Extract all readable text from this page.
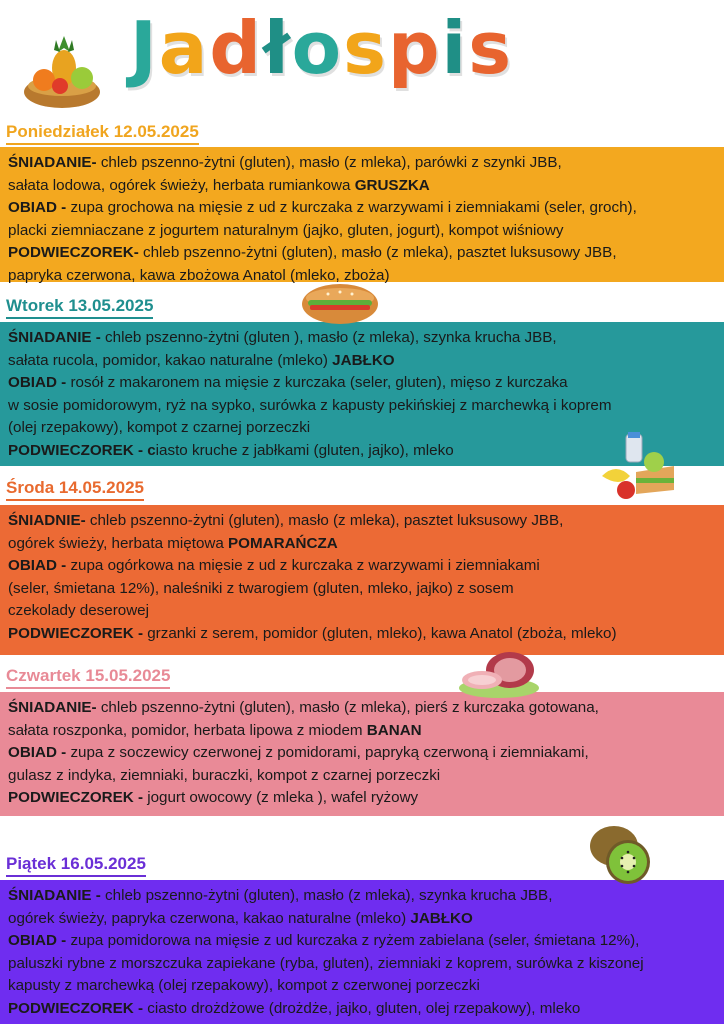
Jadłospis
Poniedziałek 12.05.2025

ŚNIADANIE- chleb pszenno-żytni (gluten), masło (z mleka), parówki z szynki JBB,

sałata lodowa, ogórek świeży, herbata rumiankowa GRUSZKA

OBIAD - zupa grochowa na mięsie z ud z kurczaka z warzywami i ziemniakami (seler, groch),

placki ziemniaczane z jogurtem naturalnym (jajko, gluten, jogurt), kompot wiśniowy

PODWIECZOREK- chleb pszenno-żytni (gluten), masło (z mleka), pasztet luksusowy JBB,

papryka czerwona, kawa zbożowa Anatol (mleko, zboża)

Wtorek 13.05.2025

ŚNIADANIE - chleb pszenno-żytni (gluten ), masło (z mleka), szynka krucha JBB,

sałata rucola, pomidor, kakao naturalne (mleko) JABŁKO

OBIAD - rosół z makaronem na mięsie z kurczaka (seler, gluten), mięso z kurczaka

w sosie pomidorowym, ryż na sypko, surówka z kapusty pekińskiej z marchewką i koprem

(olej rzepakowy), kompot z czarnej porzeczki

PODWIECZOREK - ciasto kruche z jabłkami (gluten, jajko), mleko

Środa 14.05.2025

ŚNIADNIE- chleb pszenno-żytni (gluten), masło (z mleka), pasztet luksusowy JBB,

ogórek świeży, herbata miętowa POMARAŃCZA

OBIAD - zupa ogórkowa na mięsie z ud z kurczaka z warzywami i ziemniakami

(seler, śmietana 12%), naleśniki z twarogiem (gluten, mleko, jajko) z sosem

czekolady deserowej

PODWIECZOREK - grzanki z serem, pomidor (gluten, mleko), kawa Anatol (zboża, mleko)

Czwartek 15.05.2025

ŚNIADANIE- chleb pszenno-żytni (gluten), masło (z mleka), pierś z kurczaka gotowana,

sałata roszponka, pomidor, herbata lipowa z miodem BANAN

OBIAD - zupa z soczewicy czerwonej z pomidorami, papryką czerwoną i ziemniakami,

gulasz z indyka, ziemniaki, buraczki, kompot z czarnej porzeczki

PODWIECZOREK - jogurt owocowy (z mleka ), wafel ryżowy

Piątek 16.05.2025

ŚNIADANIE - chleb pszenno-żytni (gluten), masło (z mleka), szynka krucha JBB,

ogórek świeży, papryka czerwona, kakao naturalne (mleko) JABŁKO

OBIAD - zupa pomidorowa na mięsie z ud kurczaka z ryżem zabielana (seler, śmietana 12%),

paluszki rybne z morszczuka zapiekane (ryba, gluten), ziemniaki z koprem, surówka z kiszonej

kapusty z marchewką (olej rzepakowy), kompot z czerwonej porzeczki

PODWIECZOREK - ciasto drożdżowe (drożdże, jajko, gluten, olej rzepakowy), mleko
